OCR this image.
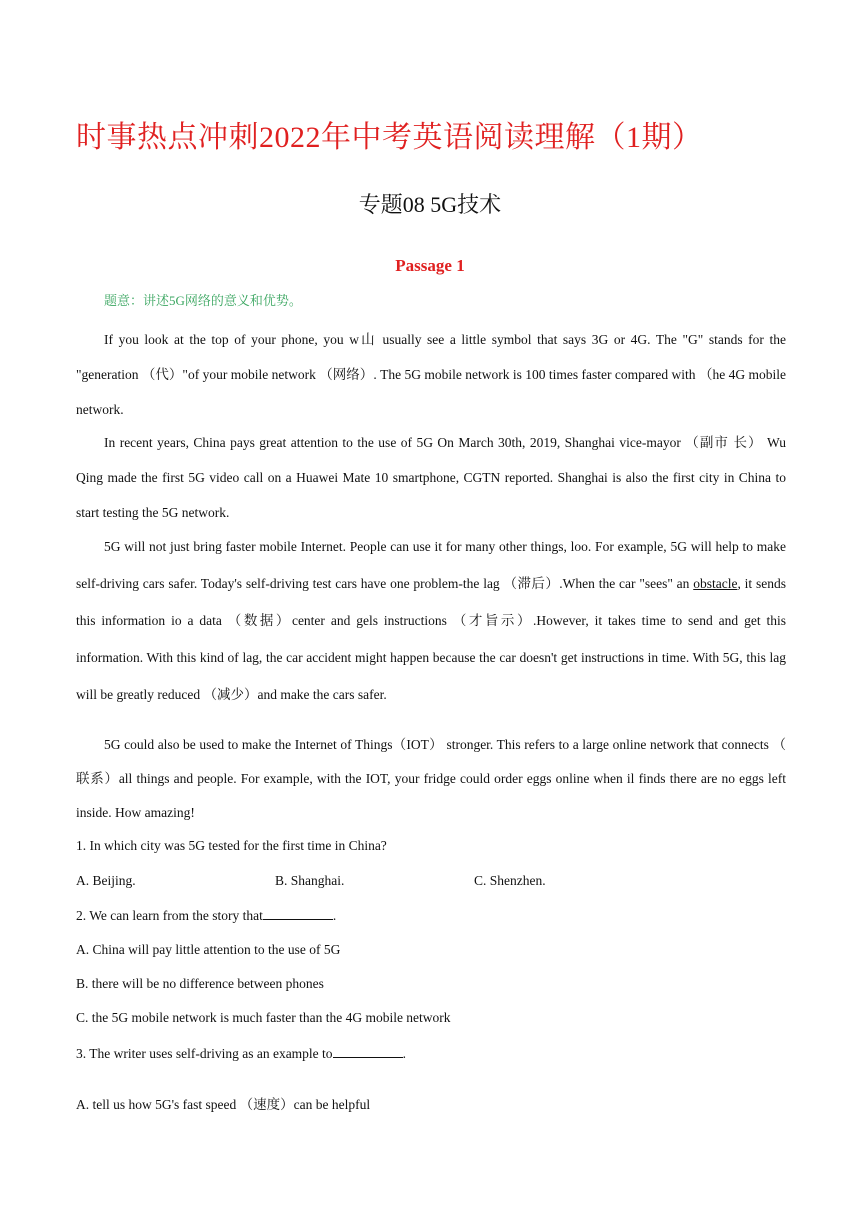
时事热点冲刺2022年中考英语阅读理解（1期）
专题08 5G技术
Passage 1
题意：讲述5G网络的意义和优势。
If you look at the top of your phone, you w山 usually see a little symbol that says 3G or 4G. The "G" stands for the "generation （代）"of your mobile network （网络）. The 5G mobile network is 100 times faster compared with （he 4G mobile network.
In recent years, China pays great attention to the use of 5G On March 30th, 2019, Shanghai vice-mayor （副市 长） Wu Qing made the first 5G video call on a Huawei Mate 10 smartphone, CGTN reported. Shanghai is also the first city in China to start testing the 5G network.
5G will not just bring faster mobile Internet. People can use it for many other things, loo. For example, 5G will help to make self-driving cars safer. Today's self-driving test cars have one problem-the lag （滞后）.When the car "sees" an obstacle, it sends this information io a data （数据）center and gels instructions （才旨示）.However, it takes time to send and get this information. With this kind of lag, the car accident might happen because the car doesn't get instructions in time. With 5G, this lag will be greatly reduced （减少）and make the cars safer.
5G could also be used to make the Internet of Things（IOT） stronger. This refers to a large online network that connects （ 联系）all things and people. For example, with the IOT, your fridge could order eggs online when il finds there are no eggs left inside. How amazing!
1. In which city was 5G tested for the first time in China?
A. Beijing.	B. Shanghai.	C. Shenzhen.
2. We can learn from the story that	.
A. China will pay little attention to the use of 5G
B. there will be no difference between phones
C. the 5G mobile network is much faster than the 4G mobile network
3. The writer uses self-driving as an example to	.
A. tell us how 5G's fast speed （速度）can be helpful
